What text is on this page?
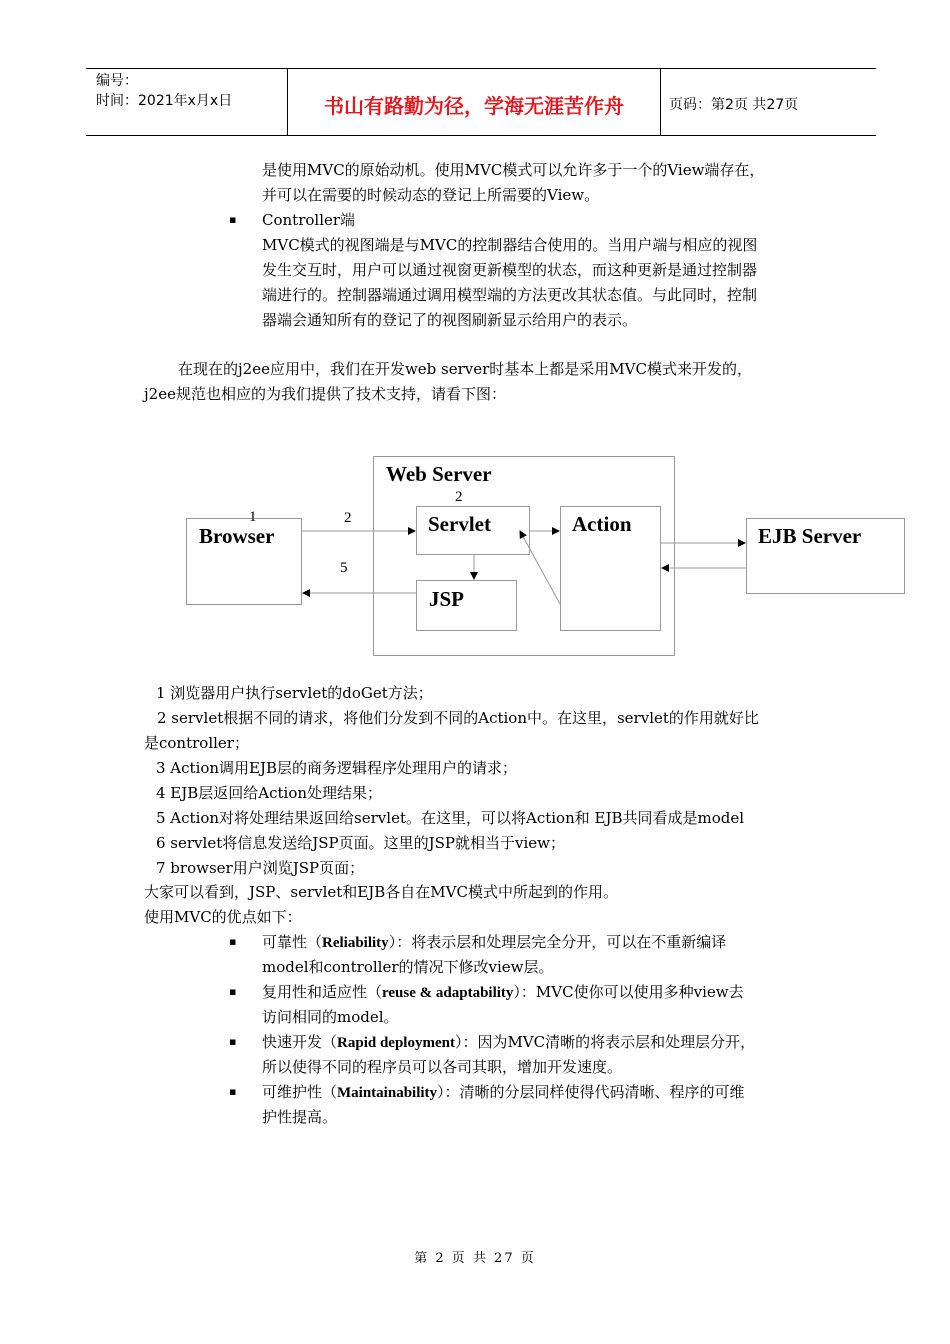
编号：
时间：2021年x月x日	书山有路勤为径，学海无涯苦作舟	页码：第2页 共27页
是使用MVC的原始动机。使用MVC模式可以允许多于一个的View端存在，
并可以在需要的时候动态的登记上所需要的View。
▪ Controller端
MVC模式的视图端是与MVC的控制器结合使用的。当用户端与相应的视图
发生交互时，用户可以通过视窗更新模型的状态，而这种更新是通过控制器
端进行的。控制器端通过调用模型端的方法更改其状态值。与此同时，控制
器端会通知所有的登记了的视图刷新显示给用户的表示。
在现在的j2ee应用中，我们在开发web server时基本上都是采用MVC模式来开发的，
j2ee规范也相应的为我们提供了技术支持，请看下图：
Web Server
Browser	Servlet	Action
JSP
EJB Server
1
2
2
5
1 浏览器用户执行servlet的doGet方法；
2 servlet根据不同的请求，将他们分发到不同的Action中。在这里，servlet的作用就好比
是controller；
3 Action调用EJB层的商务逻辑程序处理用户的请求；
4 EJB层返回给Action处理结果；
5 Action对将处理结果返回给servlet。在这里，可以将Action和 EJB共同看成是model
6 servlet将信息发送给JSP页面。这里的JSP就相当于view；
7 browser用户浏览JSP页面；
大家可以看到，JSP、servlet和EJB各自在MVC模式中所起到的作用。
使用MVC的优点如下：
▪ 可靠性（Reliability）：将表示层和处理层完全分开，可以在不重新编译
model和controller的情况下修改view层。
▪ 复用性和适应性（reuse & adaptability）：MVC使你可以使用多种view去
访问相同的model。
▪ 快速开发（Rapid deployment）：因为MVC清晰的将表示层和处理层分开，
所以使得不同的程序员可以各司其职，增加开发速度。
▪ 可维护性（Maintainability）：清晰的分层同样使得代码清晰、程序的可维
护性提高。
第 2 页 共 27 页
